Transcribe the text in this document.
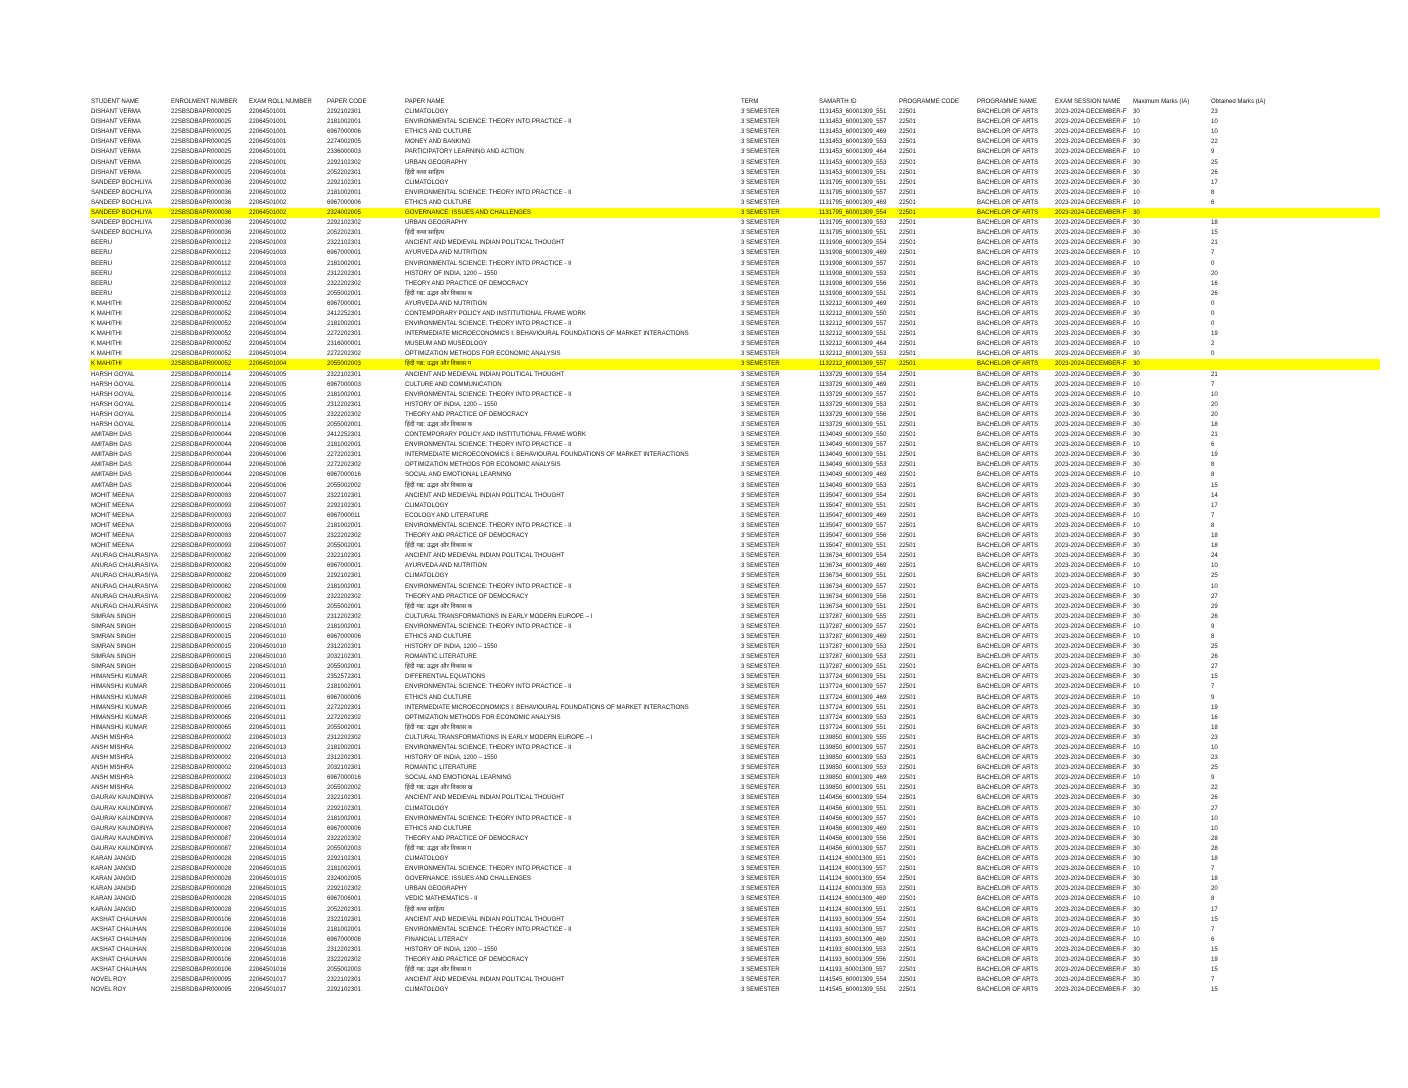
STUDENT NAME	ENROLMENT NUMBER	EXAM ROLL NUMBER	PAPER CODE	PAPER NAME	TERM	SAMARTH ID	PROGRAMME CODE	PROGRAMME NAME	EXAM SESSION NAME	Maximum Marks (IA)	Obtained Marks (IA)
DISHANT VERMA	22SBSDBAPR000025	22064501001	2292102301	CLIMATOLOGY	3 SEMESTER	1131453_60001309_551	22501	BACHELOR OF ARTS	2023-2024-DECEMBER-F	30	23
DISHANT VERMA	22SBSDBAPR000025	22064501001	2181002001	ENVIRONMENTAL SCIENCE: THEORY INTO PRACTICE - II	3 SEMESTER	1131453_60001309_557	22501	BACHELOR OF ARTS	2023-2024-DECEMBER-F	10	10
DISHANT VERMA	22SBSDBAPR000025	22064501001	6967000006	ETHICS AND CULTURE	3 SEMESTER	1131453_60001309_469	22501	BACHELOR OF ARTS	2023-2024-DECEMBER-F	10	10
DISHANT VERMA	22SBSDBAPR000025	22064501001	2274002005	MONEY AND BANKING	3 SEMESTER	1131453_60001309_553	22501	BACHELOR OF ARTS	2023-2024-DECEMBER-F	30	22
DISHANT VERMA	22SBSDBAPR000025	22064501001	2336000003	PARTICIPATORY LEARNING AND ACTION	3 SEMESTER	1131453_60001309_464	22501	BACHELOR OF ARTS	2023-2024-DECEMBER-F	10	9
DISHANT VERMA	22SBSDBAPR000025	22064501001	2292102302	URBAN GEOGRAPHY	3 SEMESTER	1131453_60001309_553	22501	BACHELOR OF ARTS	2023-2024-DECEMBER-F	30	25
DISHANT VERMA	22SBSDBAPR000025	22064501001	2052202301	हिंदी कथा साहित्य	3 SEMESTER	1131453_60001309_551	22501	BACHELOR OF ARTS	2023-2024-DECEMBER-F	30	26
SANDEEP BOCHLIYA	22SBSDBAPR000036	22064501002	2292102301	CLIMATOLOGY	3 SEMESTER	1131795_60001309_551	22501	BACHELOR OF ARTS	2023-2024-DECEMBER-F	30	17
SANDEEP BOCHLIYA	22SBSDBAPR000036	22064501002	2181002001	ENVIRONMENTAL SCIENCE: THEORY INTO PRACTICE - II	3 SEMESTER	1131795_60001309_557	22501	BACHELOR OF ARTS	2023-2024-DECEMBER-F	10	8
SANDEEP BOCHLIYA	22SBSDBAPR000036	22064501002	6967000006	ETHICS AND CULTURE	3 SEMESTER	1131795_60001309_469	22501	BACHELOR OF ARTS	2023-2024-DECEMBER-F	10	6
SANDEEP BOCHLIYA	22SBSDBAPR000036	22064501002	2324002005	GOVERNANCE: ISSUES AND CHALLENGES	3 SEMESTER	1131795_60001309_554	22501	BACHELOR OF ARTS	2023-2024-DECEMBER-F	30
SANDEEP BOCHLIYA	22SBSDBAPR000036	22064501002	2292102302	URBAN GEOGRAPHY	3 SEMESTER	1131795_60001309_553	22501	BACHELOR OF ARTS	2023-2024-DECEMBER-F	30	18
SANDEEP BOCHLIYA	22SBSDBAPR000036	22064501002	2052202301	हिंदी कथा साहित्य	3 SEMESTER	1131795_60001309_551	22501	BACHELOR OF ARTS	2023-2024-DECEMBER-F	30	15
BEERU	22SBSDBAPR000112	22064501003	2322102301	ANCIENT AND MEDIEVAL INDIAN POLITICAL THOUGHT	3 SEMESTER	1131908_60001309_554	22501	BACHELOR OF ARTS	2023-2024-DECEMBER-F	30	21
BEERU	22SBSDBAPR000112	22064501003	6967000001	AYURVEDA AND NUTRITION	3 SEMESTER	1131908_60001309_469	22501	BACHELOR OF ARTS	2023-2024-DECEMBER-F	10	7
BEERU	22SBSDBAPR000112	22064501003	2181002001	ENVIRONMENTAL SCIENCE: THEORY INTO PRACTICE - II	3 SEMESTER	1131908_60001309_557	22501	BACHELOR OF ARTS	2023-2024-DECEMBER-F	10	0
BEERU	22SBSDBAPR000112	22064501003	2312202301	HISTORY OF INDIA, 1200 – 1550	3 SEMESTER	1131908_60001309_553	22501	BACHELOR OF ARTS	2023-2024-DECEMBER-F	30	20
BEERU	22SBSDBAPR000112	22064501003	2322202302	THEORY AND PRACTICE OF DEMOCRACY	3 SEMESTER	1131908_60001309_556	22501	BACHELOR OF ARTS	2023-2024-DECEMBER-F	30	16
BEERU	22SBSDBAPR000112	22064501003	2055002001	हिंदी गद्य: उद्भव और विकास क	3 SEMESTER	1131908_60001309_551	22501	BACHELOR OF ARTS	2023-2024-DECEMBER-F	30	26
K MAHITHI	22SBSDBAPR000052	22064501004	6967000001	AYURVEDA AND NUTRITION	3 SEMESTER	1132212_60001309_469	22501	BACHELOR OF ARTS	2023-2024-DECEMBER-F	10	0
K MAHITHI	22SBSDBAPR000052	22064501004	2412252301	CONTEMPORARY POLICY AND INSTITUTIONAL FRAME WORK	3 SEMESTER	1132212_60001309_550	22501	BACHELOR OF ARTS	2023-2024-DECEMBER-F	30	0
K MAHITHI	22SBSDBAPR000052	22064501004	2181002001	ENVIRONMENTAL SCIENCE: THEORY INTO PRACTICE - II	3 SEMESTER	1132212_60001309_557	22501	BACHELOR OF ARTS	2023-2024-DECEMBER-F	10	0
K MAHITHI	22SBSDBAPR000052	22064501004	2272202301	INTERMEDIATE MICROECONOMICS I: BEHAVIOURAL FOUNDATIONS OF MARKET INTERACTIONS	3 SEMESTER	1132212_60001309_551	22501	BACHELOR OF ARTS	2023-2024-DECEMBER-F	30	19
K MAHITHI	22SBSDBAPR000052	22064501004	2316000001	MUSEUM AND MUSEOLOGY	3 SEMESTER	1132212_60001309_464	22501	BACHELOR OF ARTS	2023-2024-DECEMBER-F	10	2
K MAHITHI	22SBSDBAPR000052	22064501004	2272202302	OPTIMIZATION METHODS FOR ECONOMIC ANALYSIS	3 SEMESTER	1132212_60001309_553	22501	BACHELOR OF ARTS	2023-2024-DECEMBER-F	30	0
K MAHITHI	22SBSDBAPR000052	22064501004	2055002003	हिंदी गद्य: उद्भव और विकास ग	3 SEMESTER	1132212_60001309_557	22501	BACHELOR OF ARTS	2023-2024-DECEMBER-F	30
HARSH GOYAL	22SBSDBAPR000114	22064501005	2322102301	ANCIENT AND MEDIEVAL INDIAN POLITICAL THOUGHT	3 SEMESTER	1133729_60001309_554	22501	BACHELOR OF ARTS	2023-2024-DECEMBER-F	30	21
HARSH GOYAL	22SBSDBAPR000114	22064501005	6967000003	CULTURE AND COMMUNICATION	3 SEMESTER	1133729_60001309_469	22501	BACHELOR OF ARTS	2023-2024-DECEMBER-F	10	7
HARSH GOYAL	22SBSDBAPR000114	22064501005	2181002001	ENVIRONMENTAL SCIENCE: THEORY INTO PRACTICE - II	3 SEMESTER	1133729_60001309_557	22501	BACHELOR OF ARTS	2023-2024-DECEMBER-F	10	10
HARSH GOYAL	22SBSDBAPR000114	22064501005	2312202301	HISTORY OF INDIA, 1200 – 1550	3 SEMESTER	1133729_60001309_553	22501	BACHELOR OF ARTS	2023-2024-DECEMBER-F	30	20
HARSH GOYAL	22SBSDBAPR000114	22064501005	2322202302	THEORY AND PRACTICE OF DEMOCRACY	3 SEMESTER	1133729_60001309_556	22501	BACHELOR OF ARTS	2023-2024-DECEMBER-F	30	20
HARSH GOYAL	22SBSDBAPR000114	22064501005	2055002001	हिंदी गद्य: उद्भव और विकास क	3 SEMESTER	1133729_60001309_551	22501	BACHELOR OF ARTS	2023-2024-DECEMBER-F	30	18
AMITABH DAS	22SBSDBAPR000044	22064501006	2412252301	CONTEMPORARY POLICY AND INSTITUTIONAL FRAME WORK	3 SEMESTER	1134049_60001309_550	22501	BACHELOR OF ARTS	2023-2024-DECEMBER-F	30	21
AMITABH DAS	22SBSDBAPR000044	22064501006	2181002001	ENVIRONMENTAL SCIENCE: THEORY INTO PRACTICE - II	3 SEMESTER	1134049_60001309_557	22501	BACHELOR OF ARTS	2023-2024-DECEMBER-F	10	6
AMITABH DAS	22SBSDBAPR000044	22064501006	2272202301	INTERMEDIATE MICROECONOMICS I: BEHAVIOURAL FOUNDATIONS OF MARKET INTERACTIONS	3 SEMESTER	1134049_60001309_551	22501	BACHELOR OF ARTS	2023-2024-DECEMBER-F	30	19
AMITABH DAS	22SBSDBAPR000044	22064501006	2272202302	OPTIMIZATION METHODS FOR ECONOMIC ANALYSIS	3 SEMESTER	1134049_60001309_553	22501	BACHELOR OF ARTS	2023-2024-DECEMBER-F	30	8
AMITABH DAS	22SBSDBAPR000044	22064501006	6967000016	SOCIAL AND EMOTIONAL LEARNING	3 SEMESTER	1134049_60001309_469	22501	BACHELOR OF ARTS	2023-2024-DECEMBER-F	10	8
AMITABH DAS	22SBSDBAPR000044	22064501006	2055002002	हिंदी गद्य: उद्भव और विकास ख	3 SEMESTER	1134049_60001309_553	22501	BACHELOR OF ARTS	2023-2024-DECEMBER-F	30	15
MOHIT MEENA	22SBSDBAPR000093	22064501007	2322102301	ANCIENT AND MEDIEVAL INDIAN POLITICAL THOUGHT	3 SEMESTER	1135047_60001309_554	22501	BACHELOR OF ARTS	2023-2024-DECEMBER-F	30	14
MOHIT MEENA	22SBSDBAPR000093	22064501007	2292102301	CLIMATOLOGY	3 SEMESTER	1135047_60001309_551	22501	BACHELOR OF ARTS	2023-2024-DECEMBER-F	30	17
MOHIT MEENA	22SBSDBAPR000093	22064501007	6967000011	ECOLOGY AND LITERATURE	3 SEMESTER	1135047_60001309_469	22501	BACHELOR OF ARTS	2023-2024-DECEMBER-F	10	7
MOHIT MEENA	22SBSDBAPR000093	22064501007	2181002001	ENVIRONMENTAL SCIENCE: THEORY INTO PRACTICE - II	3 SEMESTER	1135047_60001309_557	22501	BACHELOR OF ARTS	2023-2024-DECEMBER-F	10	8
MOHIT MEENA	22SBSDBAPR000093	22064501007	2322202302	THEORY AND PRACTICE OF DEMOCRACY	3 SEMESTER	1135047_60001309_556	22501	BACHELOR OF ARTS	2023-2024-DECEMBER-F	30	18
MOHIT MEENA	22SBSDBAPR000093	22064501007	2055002001	हिंदी गद्य: उद्भव और विकास क	3 SEMESTER	1135047_60001309_551	22501	BACHELOR OF ARTS	2023-2024-DECEMBER-F	30	18
ANURAG CHAURASIYA	22SBSDBAPR000082	22064501009	2322102301	ANCIENT AND MEDIEVAL INDIAN POLITICAL THOUGHT	3 SEMESTER	1136734_60001309_554	22501	BACHELOR OF ARTS	2023-2024-DECEMBER-F	30	24
ANURAG CHAURASIYA	22SBSDBAPR000082	22064501009	6967000001	AYURVEDA AND NUTRITION	3 SEMESTER	1136734_60001309_469	22501	BACHELOR OF ARTS	2023-2024-DECEMBER-F	10	10
ANURAG CHAURASIYA	22SBSDBAPR000082	22064501009	2292102301	CLIMATOLOGY	3 SEMESTER	1136734_60001309_551	22501	BACHELOR OF ARTS	2023-2024-DECEMBER-F	30	25
ANURAG CHAURASIYA	22SBSDBAPR000082	22064501009	2181002001	ENVIRONMENTAL SCIENCE: THEORY INTO PRACTICE - II	3 SEMESTER	1136734_60001309_557	22501	BACHELOR OF ARTS	2023-2024-DECEMBER-F	10	10
ANURAG CHAURASIYA	22SBSDBAPR000082	22064501009	2322202302	THEORY AND PRACTICE OF DEMOCRACY	3 SEMESTER	1136734_60001309_556	22501	BACHELOR OF ARTS	2023-2024-DECEMBER-F	30	27
ANURAG CHAURASIYA	22SBSDBAPR000082	22064501009	2055002001	हिंदी गद्य: उद्भव और विकास क	3 SEMESTER	1136734_60001309_551	22501	BACHELOR OF ARTS	2023-2024-DECEMBER-F	30	29
SIMRAN SINGH	22SBSDBAPR000015	22064501010	2312202302	CULTURAL TRANSFORMATIONS IN EARLY MODERN EUROPE – I	3 SEMESTER	1137287_60001309_555	22501	BACHELOR OF ARTS	2023-2024-DECEMBER-F	30	26
SIMRAN SINGH	22SBSDBAPR000015	22064501010	2181002001	ENVIRONMENTAL SCIENCE: THEORY INTO PRACTICE - II	3 SEMESTER	1137287_60001309_557	22501	BACHELOR OF ARTS	2023-2024-DECEMBER-F	10	9
SIMRAN SINGH	22SBSDBAPR000015	22064501010	6967000006	ETHICS AND CULTURE	3 SEMESTER	1137287_60001309_469	22501	BACHELOR OF ARTS	2023-2024-DECEMBER-F	10	8
SIMRAN SINGH	22SBSDBAPR000015	22064501010	2312202301	HISTORY OF INDIA, 1200 – 1550	3 SEMESTER	1137287_60001309_553	22501	BACHELOR OF ARTS	2023-2024-DECEMBER-F	30	25
SIMRAN SINGH	22SBSDBAPR000015	22064501010	2032102301	ROMANTIC LITERATURE	3 SEMESTER	1137287_60001309_553	22501	BACHELOR OF ARTS	2023-2024-DECEMBER-F	30	26
SIMRAN SINGH	22SBSDBAPR000015	22064501010	2055002001	हिंदी गद्य: उद्भव और विकास क	3 SEMESTER	1137287_60001309_551	22501	BACHELOR OF ARTS	2023-2024-DECEMBER-F	30	27
HIMANSHU KUMAR	22SBSDBAPR000065	22064501011	2352572301	DIFFERENTIAL EQUATIONS	3 SEMESTER	1137724_60001309_551	22501	BACHELOR OF ARTS	2023-2024-DECEMBER-F	30	15
HIMANSHU KUMAR	22SBSDBAPR000065	22064501011	2181002001	ENVIRONMENTAL SCIENCE: THEORY INTO PRACTICE - II	3 SEMESTER	1137724_60001309_557	22501	BACHELOR OF ARTS	2023-2024-DECEMBER-F	10	7
HIMANSHU KUMAR	22SBSDBAPR000065	22064501011	6967000006	ETHICS AND CULTURE	3 SEMESTER	1137724_60001309_469	22501	BACHELOR OF ARTS	2023-2024-DECEMBER-F	10	9
HIMANSHU KUMAR	22SBSDBAPR000065	22064501011	2272202301	INTERMEDIATE MICROECONOMICS I: BEHAVIOURAL FOUNDATIONS OF MARKET INTERACTIONS	3 SEMESTER	1137724_60001309_551	22501	BACHELOR OF ARTS	2023-2024-DECEMBER-F	30	19
HIMANSHU KUMAR	22SBSDBAPR000065	22064501011	2272202302	OPTIMIZATION METHODS FOR ECONOMIC ANALYSIS	3 SEMESTER	1137724_60001309_553	22501	BACHELOR OF ARTS	2023-2024-DECEMBER-F	30	16
HIMANSHU KUMAR	22SBSDBAPR000065	22064501011	2055002001	हिंदी गद्य: उद्भव और विकास क	3 SEMESTER	1137724_60001309_551	22501	BACHELOR OF ARTS	2023-2024-DECEMBER-F	30	18
ANSH MISHRA	22SBSDBAPR000002	22064501013	2312202302	CULTURAL TRANSFORMATIONS IN EARLY MODERN EUROPE – I	3 SEMESTER	1139850_60001309_555	22501	BACHELOR OF ARTS	2023-2024-DECEMBER-F	30	23
ANSH MISHRA	22SBSDBAPR000002	22064501013	2181002001	ENVIRONMENTAL SCIENCE: THEORY INTO PRACTICE - II	3 SEMESTER	1139850_60001309_557	22501	BACHELOR OF ARTS	2023-2024-DECEMBER-F	10	10
ANSH MISHRA	22SBSDBAPR000002	22064501013	2312202301	HISTORY OF INDIA, 1200 – 1550	3 SEMESTER	1139850_60001309_553	22501	BACHELOR OF ARTS	2023-2024-DECEMBER-F	30	23
ANSH MISHRA	22SBSDBAPR000002	22064501013	2032102301	ROMANTIC LITERATURE	3 SEMESTER	1139850_60001309_553	22501	BACHELOR OF ARTS	2023-2024-DECEMBER-F	30	25
ANSH MISHRA	22SBSDBAPR000002	22064501013	6967000016	SOCIAL AND EMOTIONAL LEARNING	3 SEMESTER	1139850_60001309_469	22501	BACHELOR OF ARTS	2023-2024-DECEMBER-F	10	9
ANSH MISHRA	22SBSDBAPR000002	22064501013	2055002002	हिंदी गद्य: उद्भव और विकास ख	3 SEMESTER	1139850_60001309_551	22501	BACHELOR OF ARTS	2023-2024-DECEMBER-F	30	22
GAURAV KAUNDINYA	22SBSDBAPR000087	22064501014	2322102301	ANCIENT AND MEDIEVAL INDIAN POLITICAL THOUGHT	3 SEMESTER	1140456_60001309_554	22501	BACHELOR OF ARTS	2023-2024-DECEMBER-F	30	26
GAURAV KAUNDINYA	22SBSDBAPR000087	22064501014	2292102301	CLIMATOLOGY	3 SEMESTER	1140456_60001309_551	22501	BACHELOR OF ARTS	2023-2024-DECEMBER-F	30	27
GAURAV KAUNDINYA	22SBSDBAPR000087	22064501014	2181002001	ENVIRONMENTAL SCIENCE: THEORY INTO PRACTICE - II	3 SEMESTER	1140456_60001309_557	22501	BACHELOR OF ARTS	2023-2024-DECEMBER-F	10	10
GAURAV KAUNDINYA	22SBSDBAPR000087	22064501014	6967000006	ETHICS AND CULTURE	3 SEMESTER	1140456_60001309_469	22501	BACHELOR OF ARTS	2023-2024-DECEMBER-F	10	10
GAURAV KAUNDINYA	22SBSDBAPR000087	22064501014	2322202302	THEORY AND PRACTICE OF DEMOCRACY	3 SEMESTER	1140456_60001309_556	22501	BACHELOR OF ARTS	2023-2024-DECEMBER-F	30	28
GAURAV KAUNDINYA	22SBSDBAPR000087	22064501014	2055002003	हिंदी गद्य: उद्भव और विकास ग	3 SEMESTER	1140456_60001309_557	22501	BACHELOR OF ARTS	2023-2024-DECEMBER-F	30	28
KARAN JANGID	22SBSDBAPR000028	22064501015	2292102301	CLIMATOLOGY	3 SEMESTER	1141124_60001309_551	22501	BACHELOR OF ARTS	2023-2024-DECEMBER-F	30	18
KARAN JANGID	22SBSDBAPR000028	22064501015	2181002001	ENVIRONMENTAL SCIENCE: THEORY INTO PRACTICE - II	3 SEMESTER	1141124_60001309_557	22501	BACHELOR OF ARTS	2023-2024-DECEMBER-F	10	7
KARAN JANGID	22SBSDBAPR000028	22064501015	2324002005	GOVERNANCE: ISSUES AND CHALLENGES	3 SEMESTER	1141124_60001309_554	22501	BACHELOR OF ARTS	2023-2024-DECEMBER-F	30	18
KARAN JANGID	22SBSDBAPR000028	22064501015	2292102302	URBAN GEOGRAPHY	3 SEMESTER	1141124_60001309_553	22501	BACHELOR OF ARTS	2023-2024-DECEMBER-F	30	20
KARAN JANGID	22SBSDBAPR000028	22064501015	6967006001	VEDIC MATHEMATICS - II	3 SEMESTER	1141124_60001309_469	22501	BACHELOR OF ARTS	2023-2024-DECEMBER-F	10	8
KARAN JANGID	22SBSDBAPR000028	22064501015	2052202301	हिंदी कथा साहित्य	3 SEMESTER	1141124_60001309_551	22501	BACHELOR OF ARTS	2023-2024-DECEMBER-F	30	17
AKSHAT CHAUHAN	22SBSDBAPR000106	22064501016	2322102301	ANCIENT AND MEDIEVAL INDIAN POLITICAL THOUGHT	3 SEMESTER	1141193_60001309_554	22501	BACHELOR OF ARTS	2023-2024-DECEMBER-F	30	15
AKSHAT CHAUHAN	22SBSDBAPR000106	22064501016	2181002001	ENVIRONMENTAL SCIENCE: THEORY INTO PRACTICE - II	3 SEMESTER	1141193_60001309_557	22501	BACHELOR OF ARTS	2023-2024-DECEMBER-F	10	7
AKSHAT CHAUHAN	22SBSDBAPR000106	22064501016	6967000008	FINANCIAL LITERACY	3 SEMESTER	1141193_60001309_469	22501	BACHELOR OF ARTS	2023-2024-DECEMBER-F	10	6
AKSHAT CHAUHAN	22SBSDBAPR000106	22064501016	2312202301	HISTORY OF INDIA, 1200 – 1550	3 SEMESTER	1141193_60001309_553	22501	BACHELOR OF ARTS	2023-2024-DECEMBER-F	30	15
AKSHAT CHAUHAN	22SBSDBAPR000106	22064501016	2322202302	THEORY AND PRACTICE OF DEMOCRACY	3 SEMESTER	1141193_60001309_556	22501	BACHELOR OF ARTS	2023-2024-DECEMBER-F	30	19
AKSHAT CHAUHAN	22SBSDBAPR000106	22064501016	2055002003	हिंदी गद्य: उद्भव और विकास ग	3 SEMESTER	1141193_60001309_557	22501	BACHELOR OF ARTS	2023-2024-DECEMBER-F	30	15
NOVEL ROY	22SBSDBAPR000095	22064501017	2322102301	ANCIENT AND MEDIEVAL INDIAN POLITICAL THOUGHT	3 SEMESTER	1141545_60001309_554	22501	BACHELOR OF ARTS	2023-2024-DECEMBER-F	30	7
NOVEL ROY	22SBSDBAPR000095	22064501017	2292102301	CLIMATOLOGY	3 SEMESTER	1141545_60001309_551	22501	BACHELOR OF ARTS	2023-2024-DECEMBER-F	30	15
